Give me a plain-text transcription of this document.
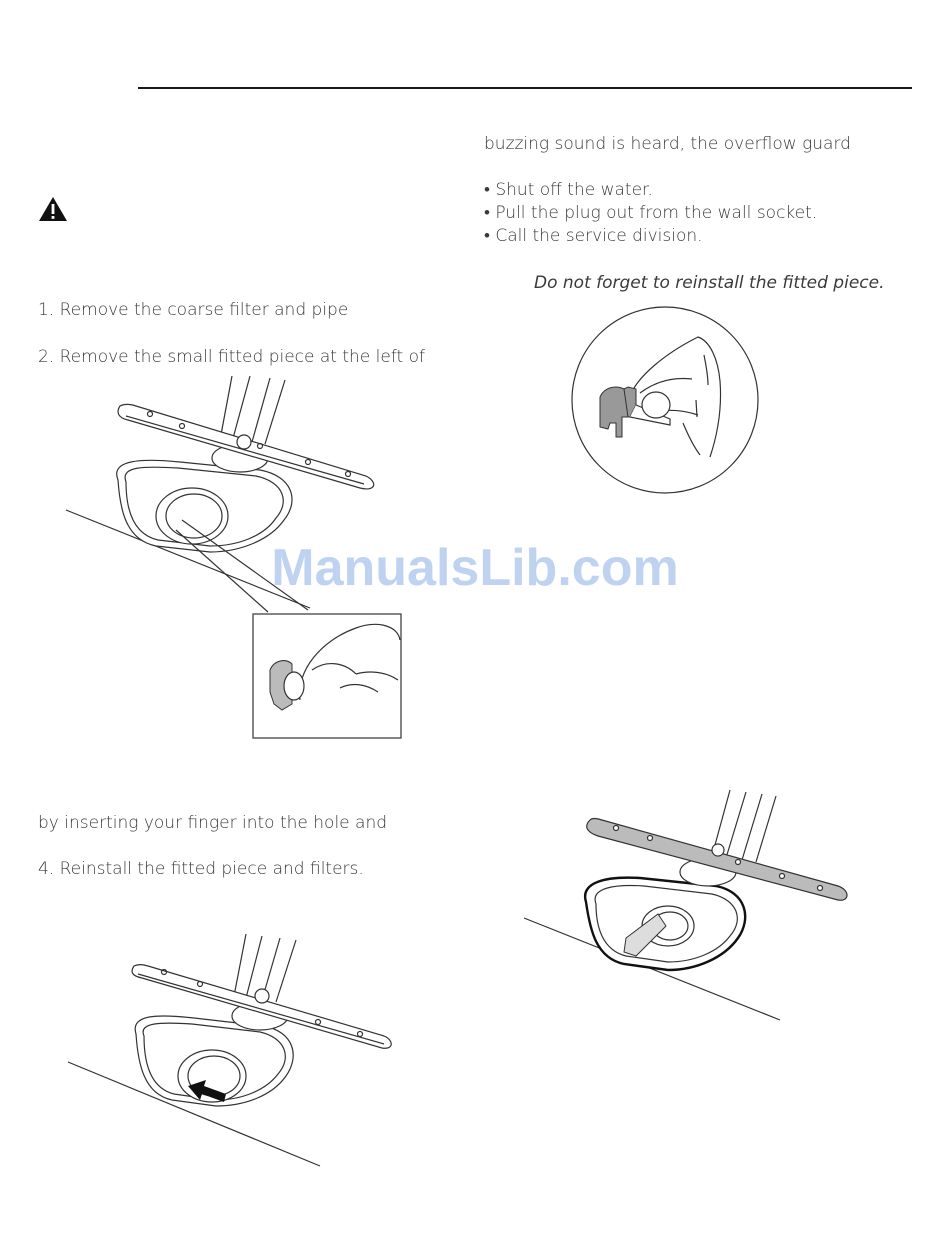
buzzing sound is heard, the overflow guard
• Shut off the water.
• Pull the plug out from the wall socket.
• Call the service division.
Do not forget to reinstall the fitted piece.
1. Remove the coarse filter and pipe
2. Remove the small fitted piece at the left of
by inserting your finger into the hole and
4. Reinstall the fitted piece and filters.
ManualsLib.com
